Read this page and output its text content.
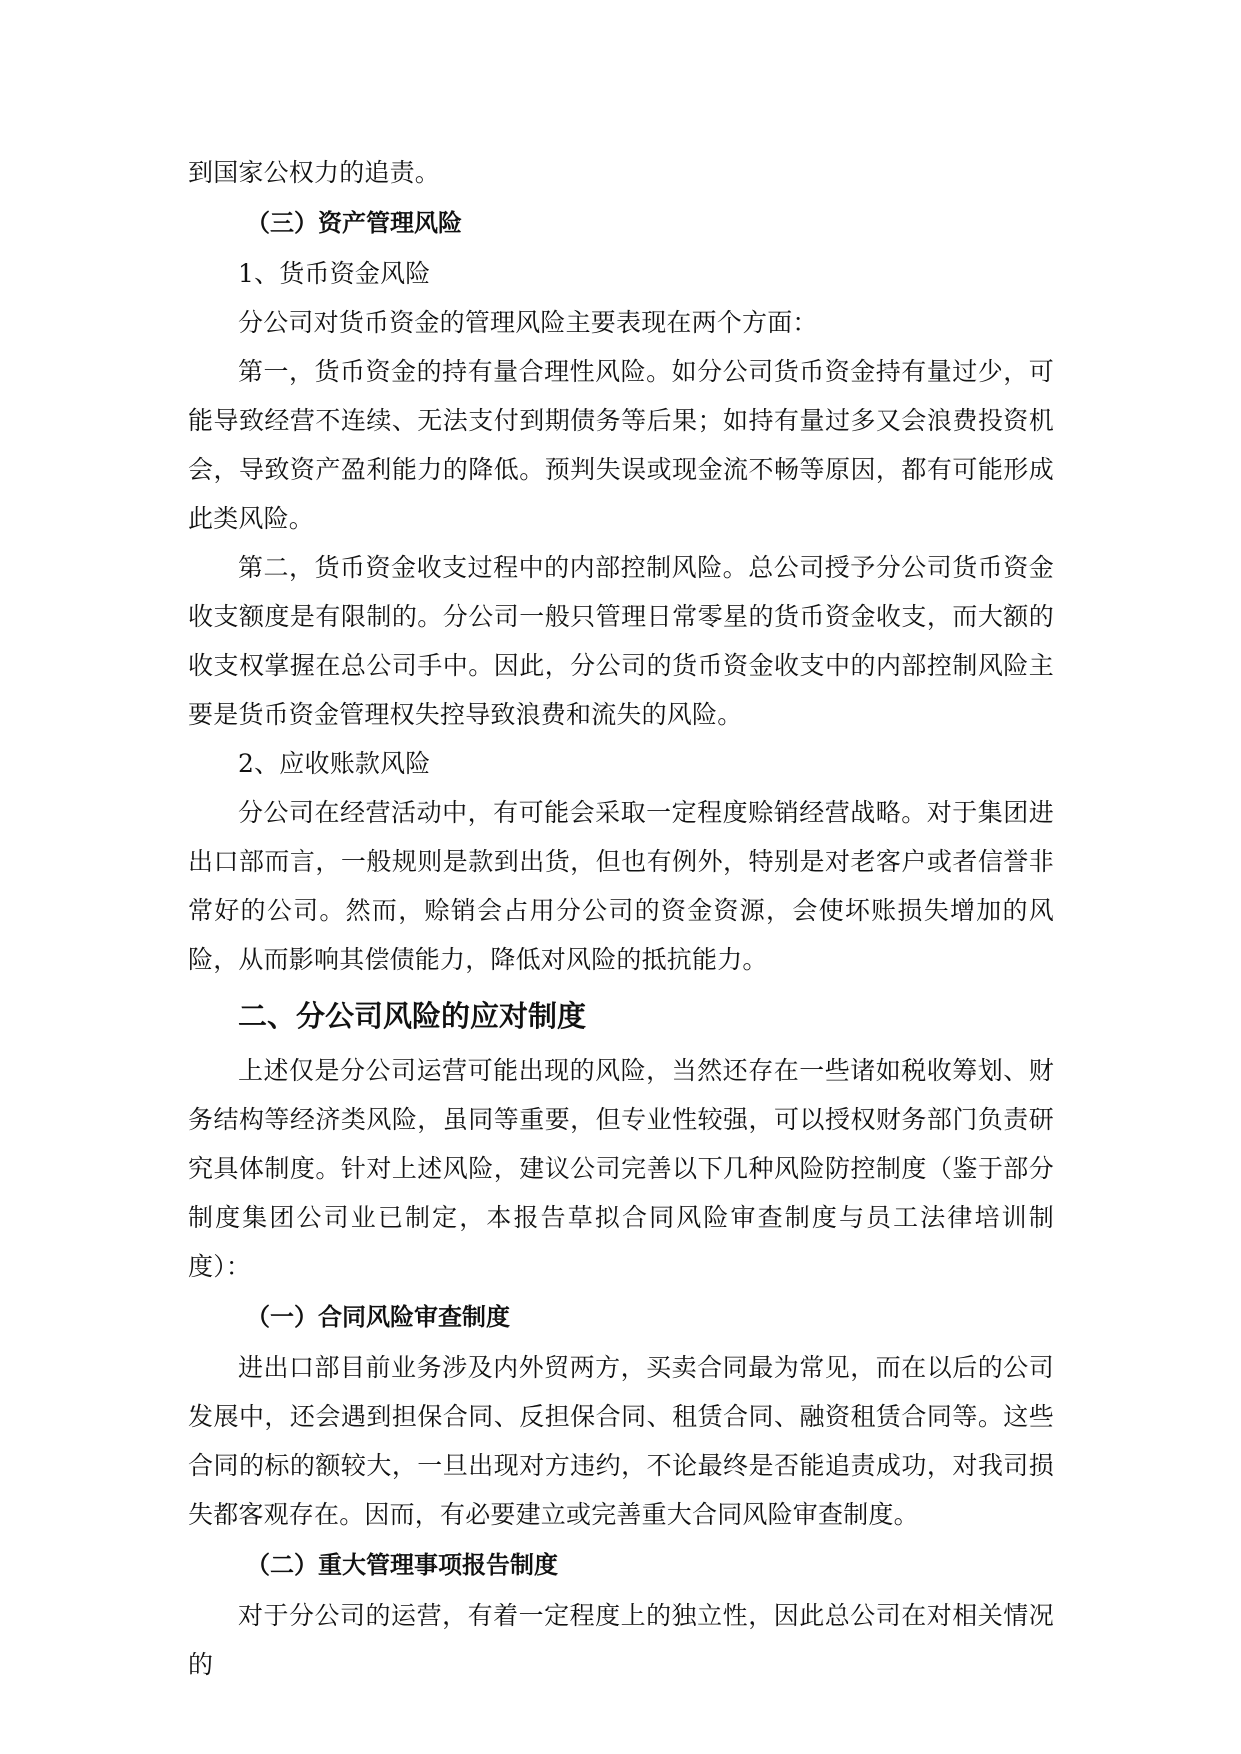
到国家公权力的追责。

（三）资产管理风险

1、货币资金风险

分公司对货币资金的管理风险主要表现在两个方面：

第一，货币资金的持有量合理性风险。如分公司货币资金持有量过少，可能导致经营不连续、无法支付到期债务等后果；如持有量过多又会浪费投资机会，导致资产盈利能力的降低。预判失误或现金流不畅等原因，都有可能形成此类风险。

第二，货币资金收支过程中的内部控制风险。总公司授予分公司货币资金收支额度是有限制的。分公司一般只管理日常零星的货币资金收支，而大额的收支权掌握在总公司手中。因此，分公司的货币资金收支中的内部控制风险主要是货币资金管理权失控导致浪费和流失的风险。

2、应收账款风险

分公司在经营活动中，有可能会采取一定程度赊销经营战略。对于集团进出口部而言，一般规则是款到出货，但也有例外，特别是对老客户或者信誉非常好的公司。然而，赊销会占用分公司的资金资源，会使坏账损失增加的风险，从而影响其偿债能力，降低对风险的抵抗能力。

二、分公司风险的应对制度

上述仅是分公司运营可能出现的风险，当然还存在一些诸如税收筹划、财务结构等经济类风险，虽同等重要，但专业性较强，可以授权财务部门负责研究具体制度。针对上述风险，建议公司完善以下几种风险防控制度（鉴于部分制度集团公司业已制定，本报告草拟合同风险审查制度与员工法律培训制度）：

（一）合同风险审查制度

进出口部目前业务涉及内外贸两方，买卖合同最为常见，而在以后的公司发展中，还会遇到担保合同、反担保合同、租赁合同、融资租赁合同等。这些合同的标的额较大，一旦出现对方违约，不论最终是否能追责成功，对我司损失都客观存在。因而，有必要建立或完善重大合同风险审查制度。

（二）重大管理事项报告制度

对于分公司的运营，有着一定程度上的独立性，因此总公司在对相关情况的
